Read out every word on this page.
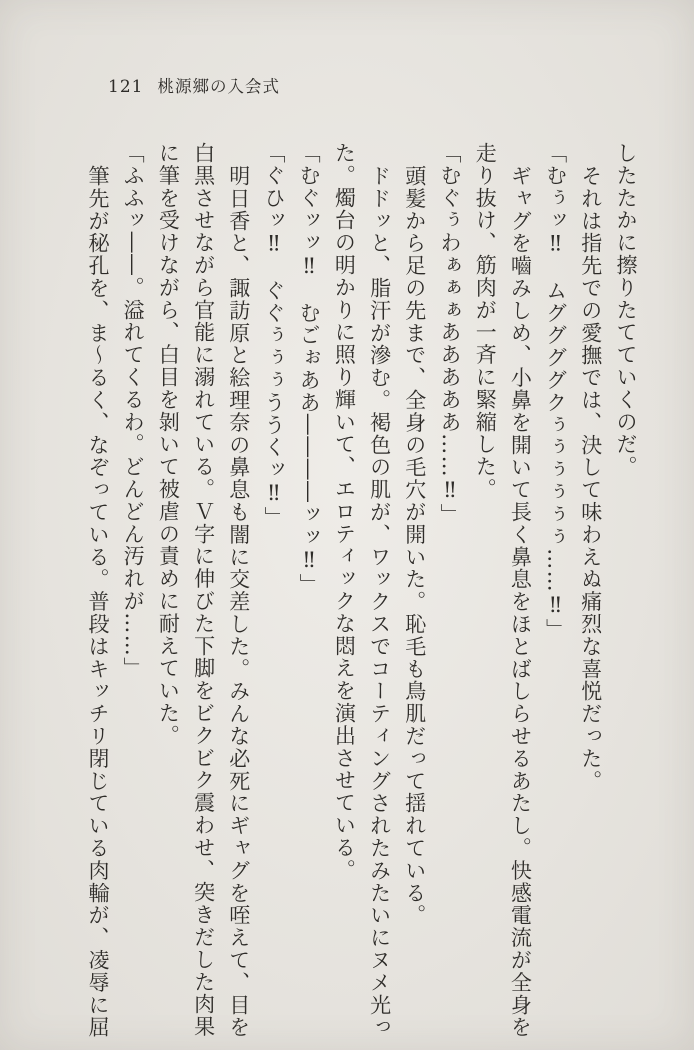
121 桃源郷の入会式

したたかに擦りたてていくのだ。

それは指先での愛撫では、決して味わえぬ痛烈な喜悦だった。

「むぅッ‼　ムググググクぅぅぅぅぅぅ……‼」

ギャグを嚙みしめ、小鼻を開いて長く鼻息をほとばしらせるあたし。快感電流が全身を走り抜け、筋肉が一斉に緊縮した。

「むぐぅわぁぁぁあああああ……‼」

頭髪から足の先まで、全身の毛穴が開いた。恥毛も鳥肌だって揺れている。

ドドッと、脂汗が滲む。褐色の肌が、ワックスでコーティングされたみたいにヌメ光った。燭台の明かりに照り輝いて、エロティックな悶えを演出させている。

「むぐッッ‼　むごぉああ――――ッッ‼」

「ぐひッ‼　ぐぐぅぅぅううくッ‼」

明日香と、諏訪原と絵理奈の鼻息も闇に交差した。みんな必死にギャグを咥えて、目を白黒させながら官能に溺れている。Ｖ字に伸びた下脚をビクビク震わせ、突きだした肉果に筆を受けながら、白目を剝いて被虐の責めに耐えていた。

「ふふッ――。溢れてくるわ。どんどん汚れが……」

筆先が秘孔を、ま〜るく、なぞっている。普段はキッチリ閉じている肉輪が、凌辱に屈
